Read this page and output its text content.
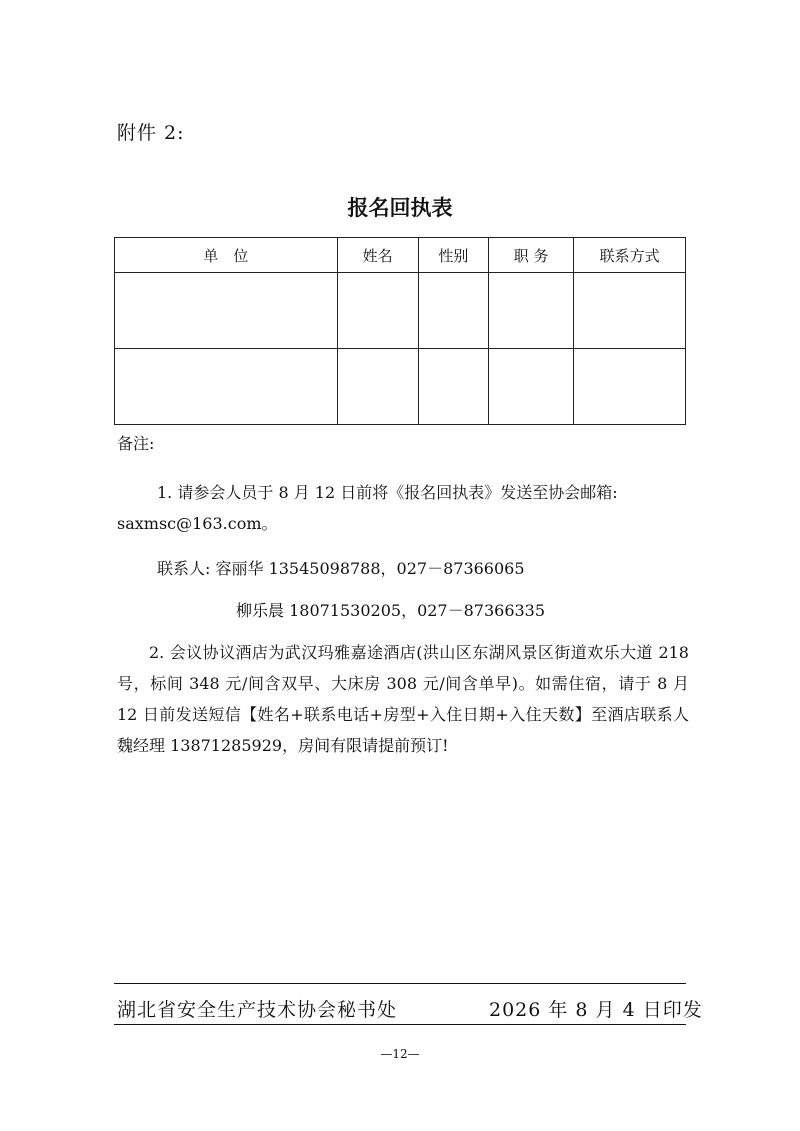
附件 2:
报名回执表
单　位	姓名	性别	职 务	联系方式

备注:
1. 请参会人员于 8 月 12 日前将《报名回执表》发送至协会邮箱:
saxmsc@163.com。
联系人: 容丽华 13545098788，027－87366065
柳乐晨 18071530205，027－87366335
2. 会议协议酒店为武汉玛雅嘉途酒店(洪山区东湖风景区街道欢乐大道 218 号，标间 348 元/间含双早、大床房 308 元/间含单早)。如需住宿，请于 8 月 12 日前发送短信【姓名+联系电话+房型+入住日期+入住天数】至酒店联系人魏经理 13871285929，房间有限请提前预订!
湖北省安全生产技术协会秘书处	2026 年 8 月 4 日印发
—12—
